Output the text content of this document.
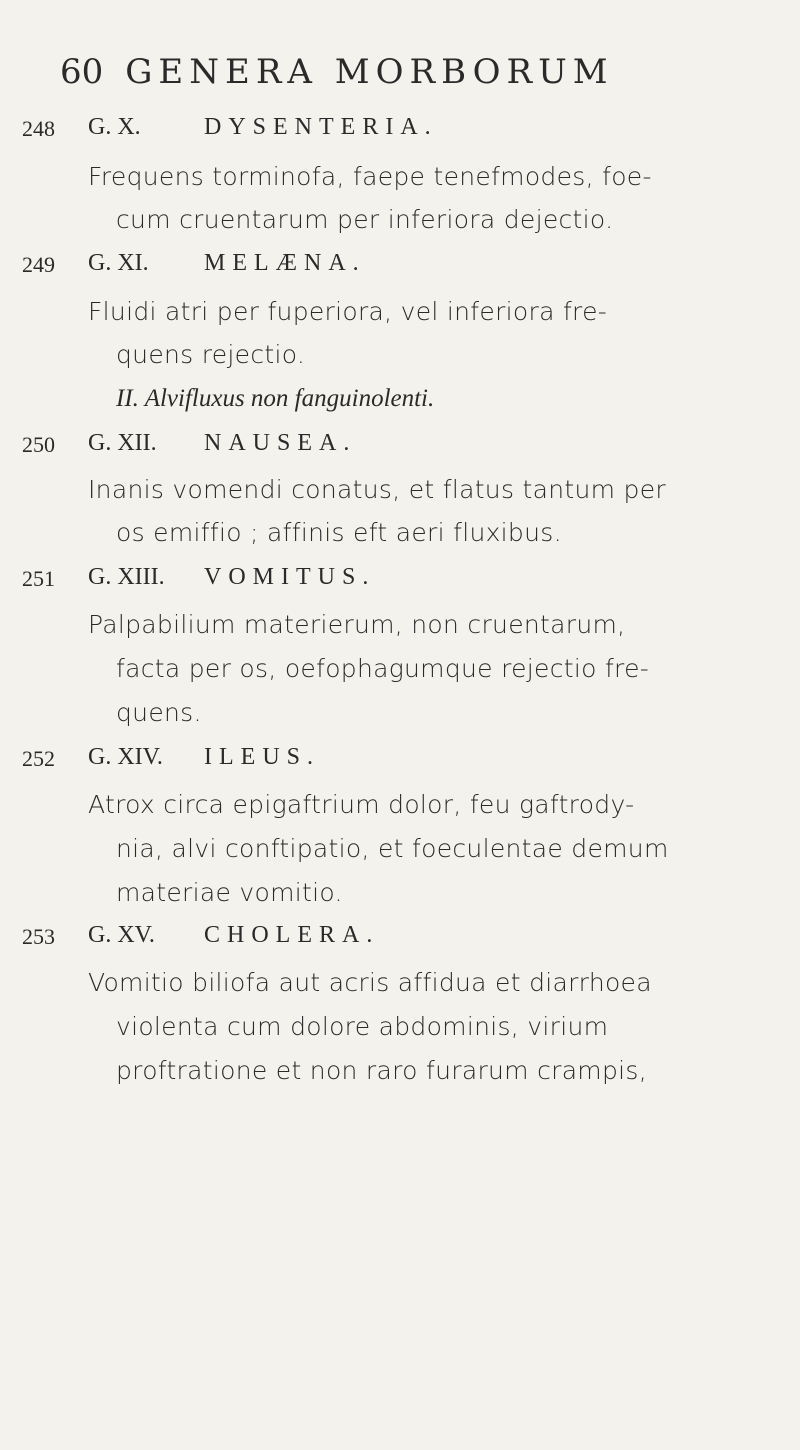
60 GENERA MORBORUM
248 G. X.	DYSENTERIA.
Frequens torminofa, faepe tenefmodes, foe-
cum cruentarum per inferiora dejectio.
249 G. XI. MELÆNA.
Fluidi atri per fuperiora, vel inferiora fre-
quens rejectio.
II. Alvifluxus non fanguinolenti.
250 G. XII. NAUSEA.
Inanis vomendi conatus, et flatus tantum per
os emiffio ; affinis eft aeri fluxibus.
251 G. XIII. VOMITUS.
Palpabilium materierum, non cruentarum,
facta per os, oefophagumque rejectio fre-
quens.
252 G. XIV. ILEUS.
Atrox circa epigaftrium dolor, feu gaftrody-
nia, alvi conftipatio, et foeculentae demum
materiae vomitio.
253 G. XV. CHOLERA.
Vomitio biliofa aut acris affidua et diarrhoea
violenta cum dolore abdominis, virium
proftratione et non raro furarum crampis,
